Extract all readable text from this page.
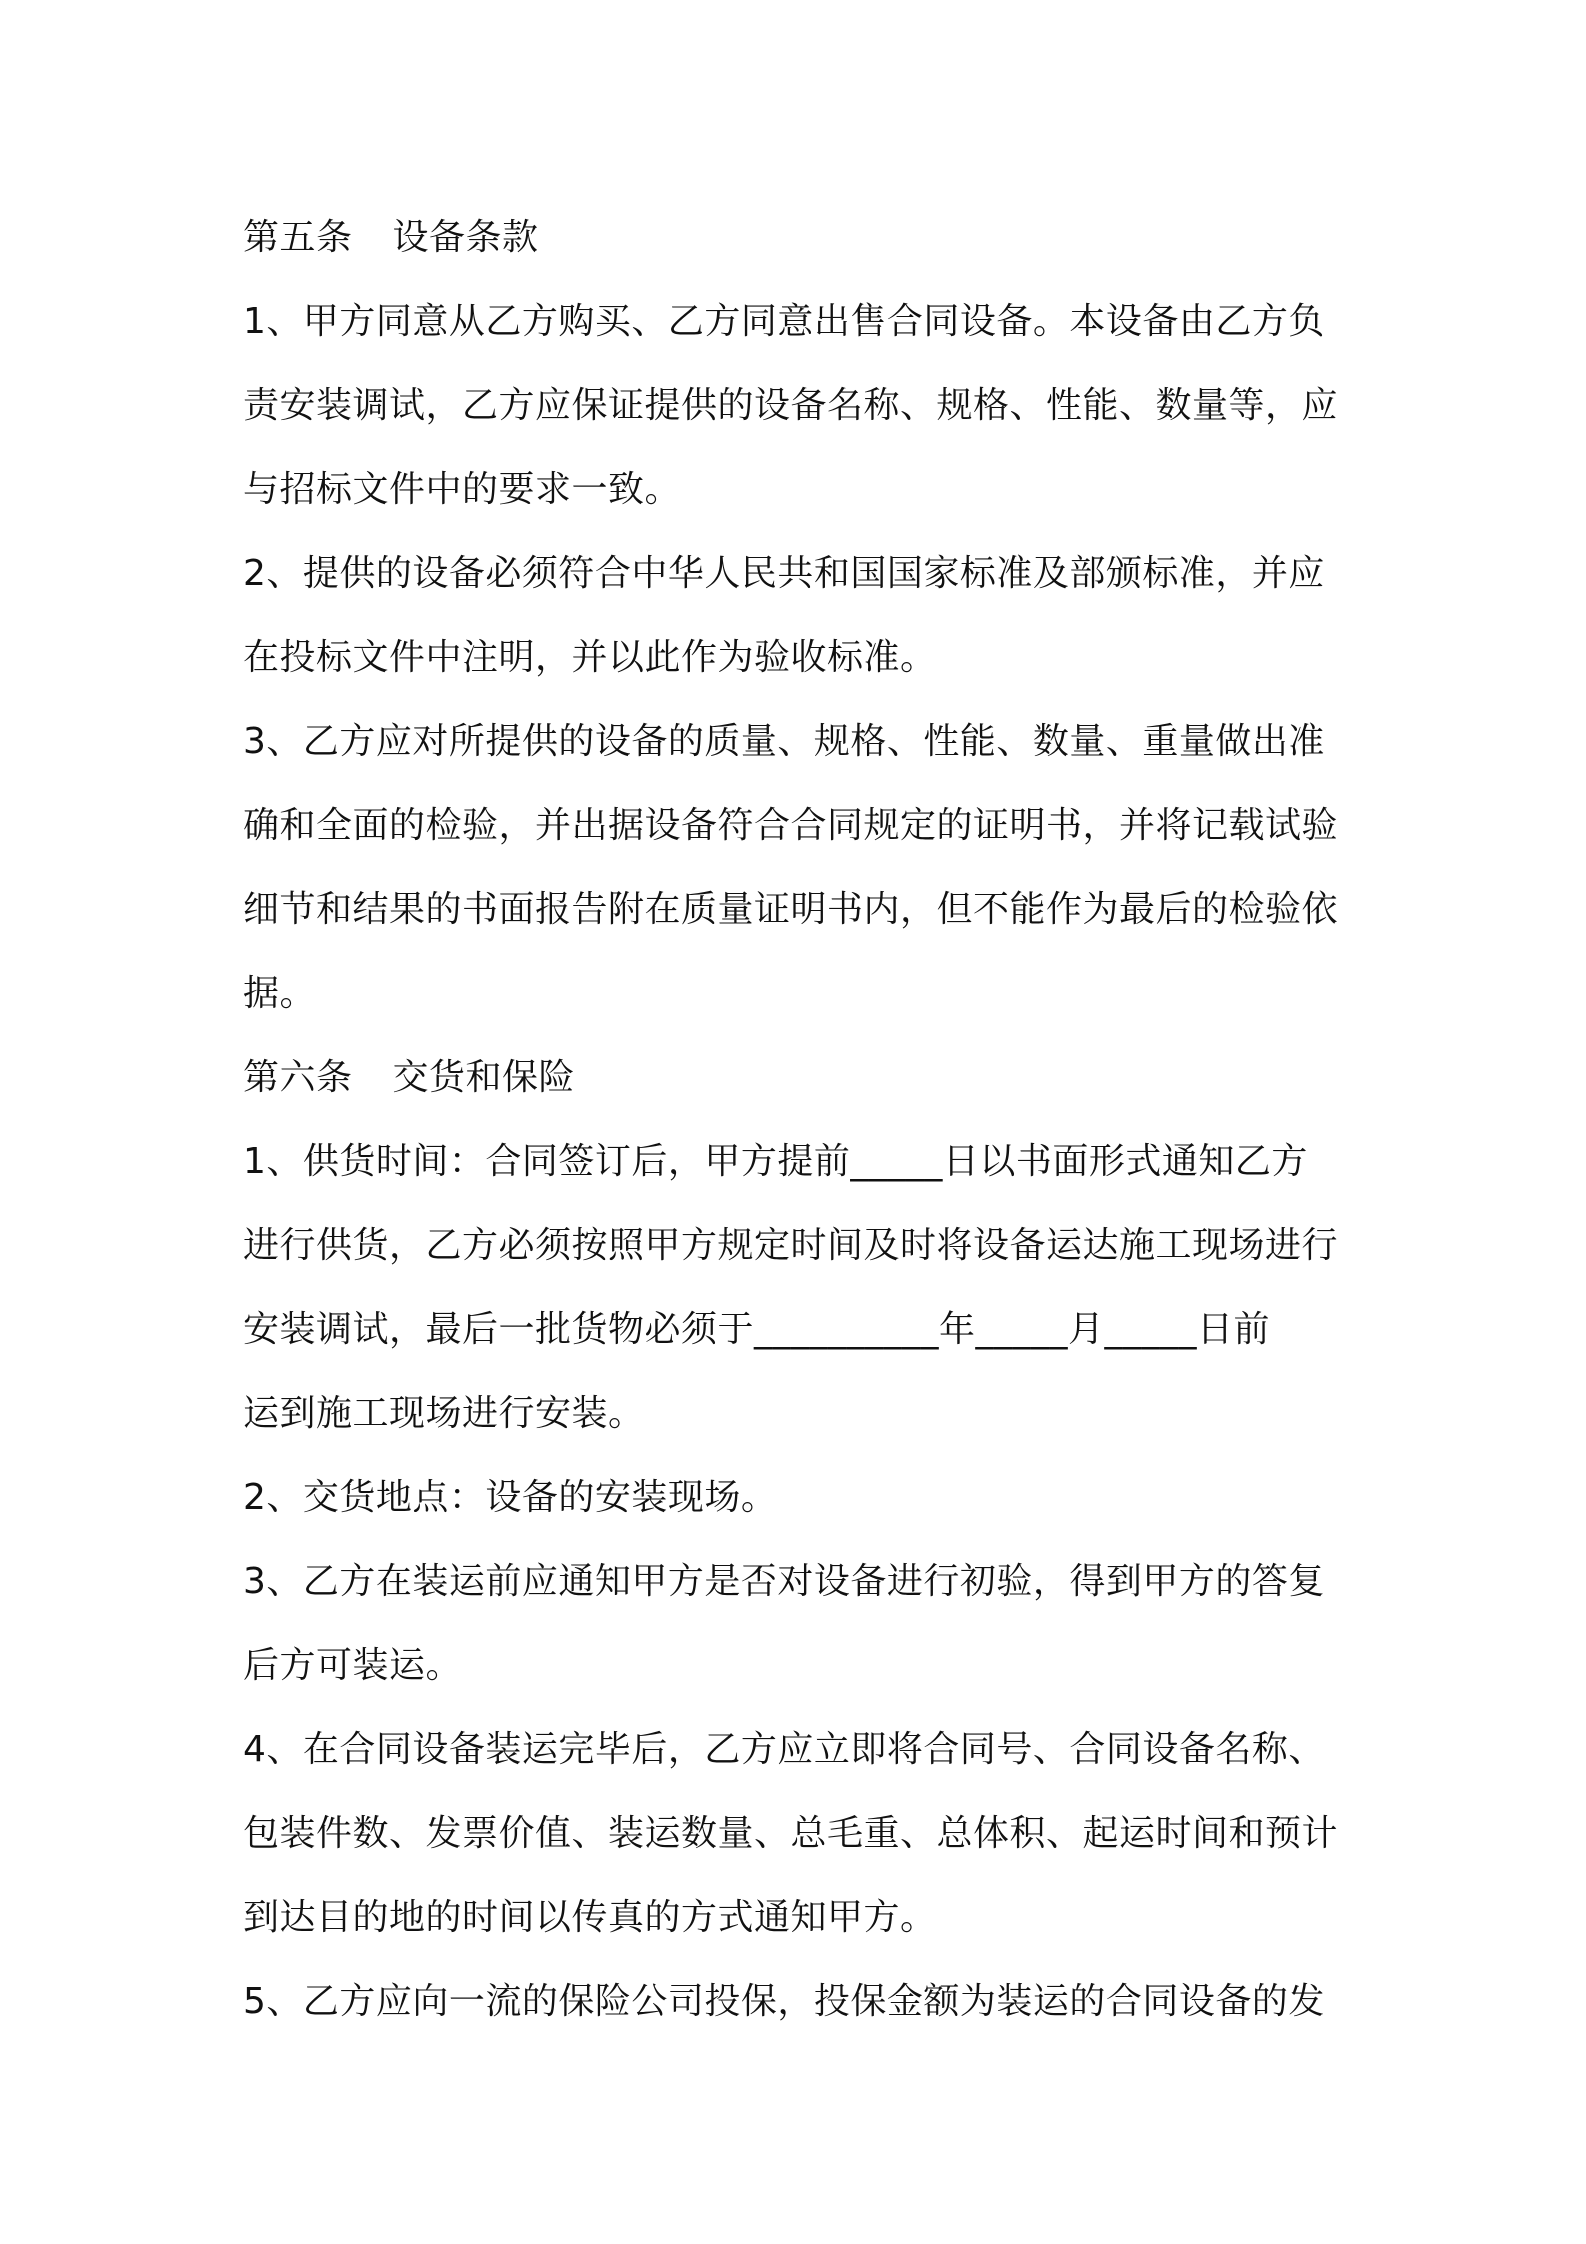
第五条 设备条款
1、甲方同意从乙方购买、乙方同意出售合同设备。本设备由乙方负
责安装调试，乙方应保证提供的设备名称、规格、性能、数量等，应
与招标文件中的要求一致。
2、提供的设备必须符合中华人民共和国国家标准及部颁标准，并应
在投标文件中注明，并以此作为验收标准。
3、乙方应对所提供的设备的质量、规格、性能、数量、重量做出准
确和全面的检验，并出据设备符合合同规定的证明书，并将记载试验
细节和结果的书面报告附在质量证明书内，但不能作为最后的检验依
据。
第六条 交货和保险
1、供货时间：合同签订后，甲方提前_____日以书面形式通知乙方
进行供货，乙方必须按照甲方规定时间及时将设备运达施工现场进行
安装调试，最后一批货物必须于__________年_____月_____日前
运到施工现场进行安装。
2、交货地点：设备的安装现场。
3、乙方在装运前应通知甲方是否对设备进行初验，得到甲方的答复
后方可装运。
4、在合同设备装运完毕后，乙方应立即将合同号、合同设备名称、
包装件数、发票价值、装运数量、总毛重、总体积、起运时间和预计
到达目的地的时间以传真的方式通知甲方。
5、乙方应向一流的保险公司投保，投保金额为装运的合同设备的发
